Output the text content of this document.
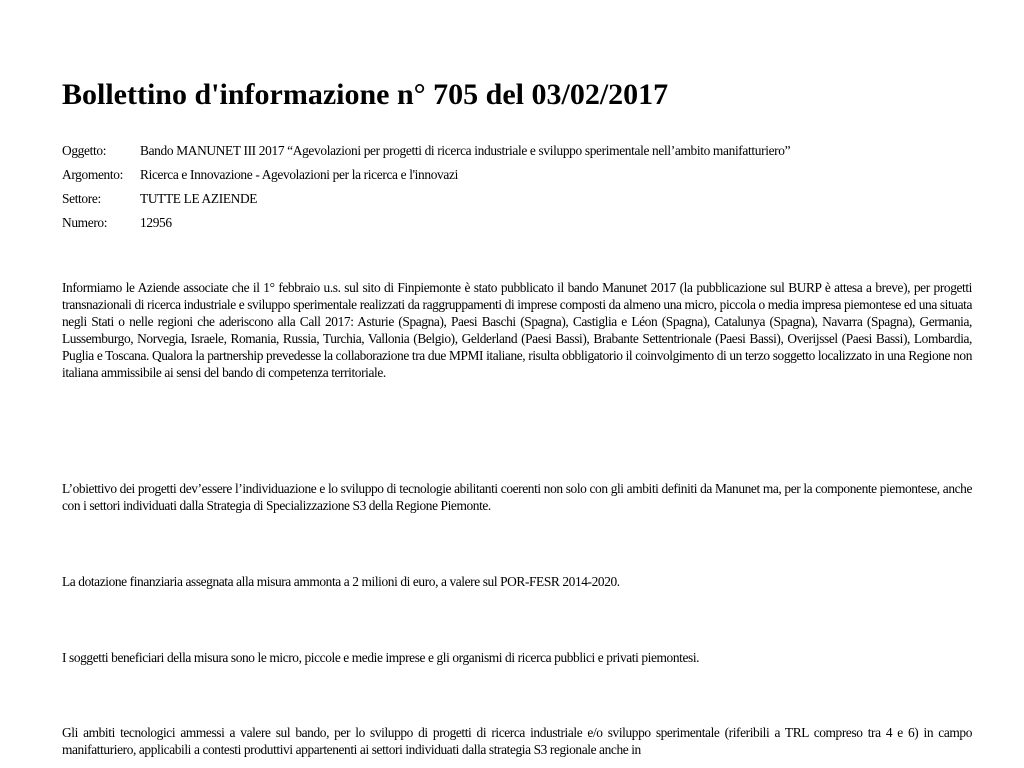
Bollettino d'informazione n° 705 del 03/02/2017
Oggetto:	Bando MANUNET III 2017 “Agevolazioni per progetti di ricerca industriale e sviluppo sperimentale nell’ambito manifatturiero”
Argomento:	Ricerca e Innovazione - Agevolazioni per la ricerca e l'innovazi
Settore:	TUTTE LE AZIENDE
Numero:	12956

Informiamo le Aziende associate che il 1° febbraio u.s. sul sito di Finpiemonte è stato pubblicato il bando Manunet 2017 (la pubblicazione sul BURP è attesa a breve), per progetti transnazionali di ricerca industriale e sviluppo sperimentale realizzati da raggruppamenti di imprese composti da almeno una micro, piccola o media impresa piemontese ed una situata negli Stati o nelle regioni che aderiscono alla Call 2017: Asturie (Spagna), Paesi Baschi (Spagna), Castiglia e Léon (Spagna), Catalunya (Spagna), Navarra (Spagna), Germania, Lussemburgo, Norvegia, Israele, Romania, Russia, Turchia, Vallonia (Belgio), Gelderland (Paesi Bassi), Brabante Settentrionale (Paesi Bassi), Overijssel (Paesi Bassi), Lombardia, Puglia e Toscana. Qualora la partnership prevedesse la collaborazione tra due MPMI italiane, risulta obbligatorio il coinvolgimento di un terzo soggetto localizzato in una Regione non italiana ammissibile ai sensi del bando di competenza territoriale.

L’obiettivo dei progetti dev’essere l’individuazione e lo sviluppo di tecnologie abilitanti coerenti non solo con gli ambiti definiti da Manunet ma, per la componente piemontese, anche con i settori individuati dalla Strategia di Specializzazione S3 della Regione Piemonte.

La dotazione finanziaria assegnata alla misura ammonta a 2 milioni di euro, a valere sul POR-FESR 2014-2020.

I soggetti beneficiari della misura sono le micro, piccole e medie imprese e gli organismi di ricerca pubblici e privati piemontesi.

Gli ambiti tecnologici ammessi a valere sul bando, per lo sviluppo di progetti di ricerca industriale e/o sviluppo sperimentale (riferibili a TRL compreso tra 4 e 6) in campo manifatturiero, applicabili a contesti produttivi appartenenti ai settori individuati dalla strategia S3 regionale anche in
